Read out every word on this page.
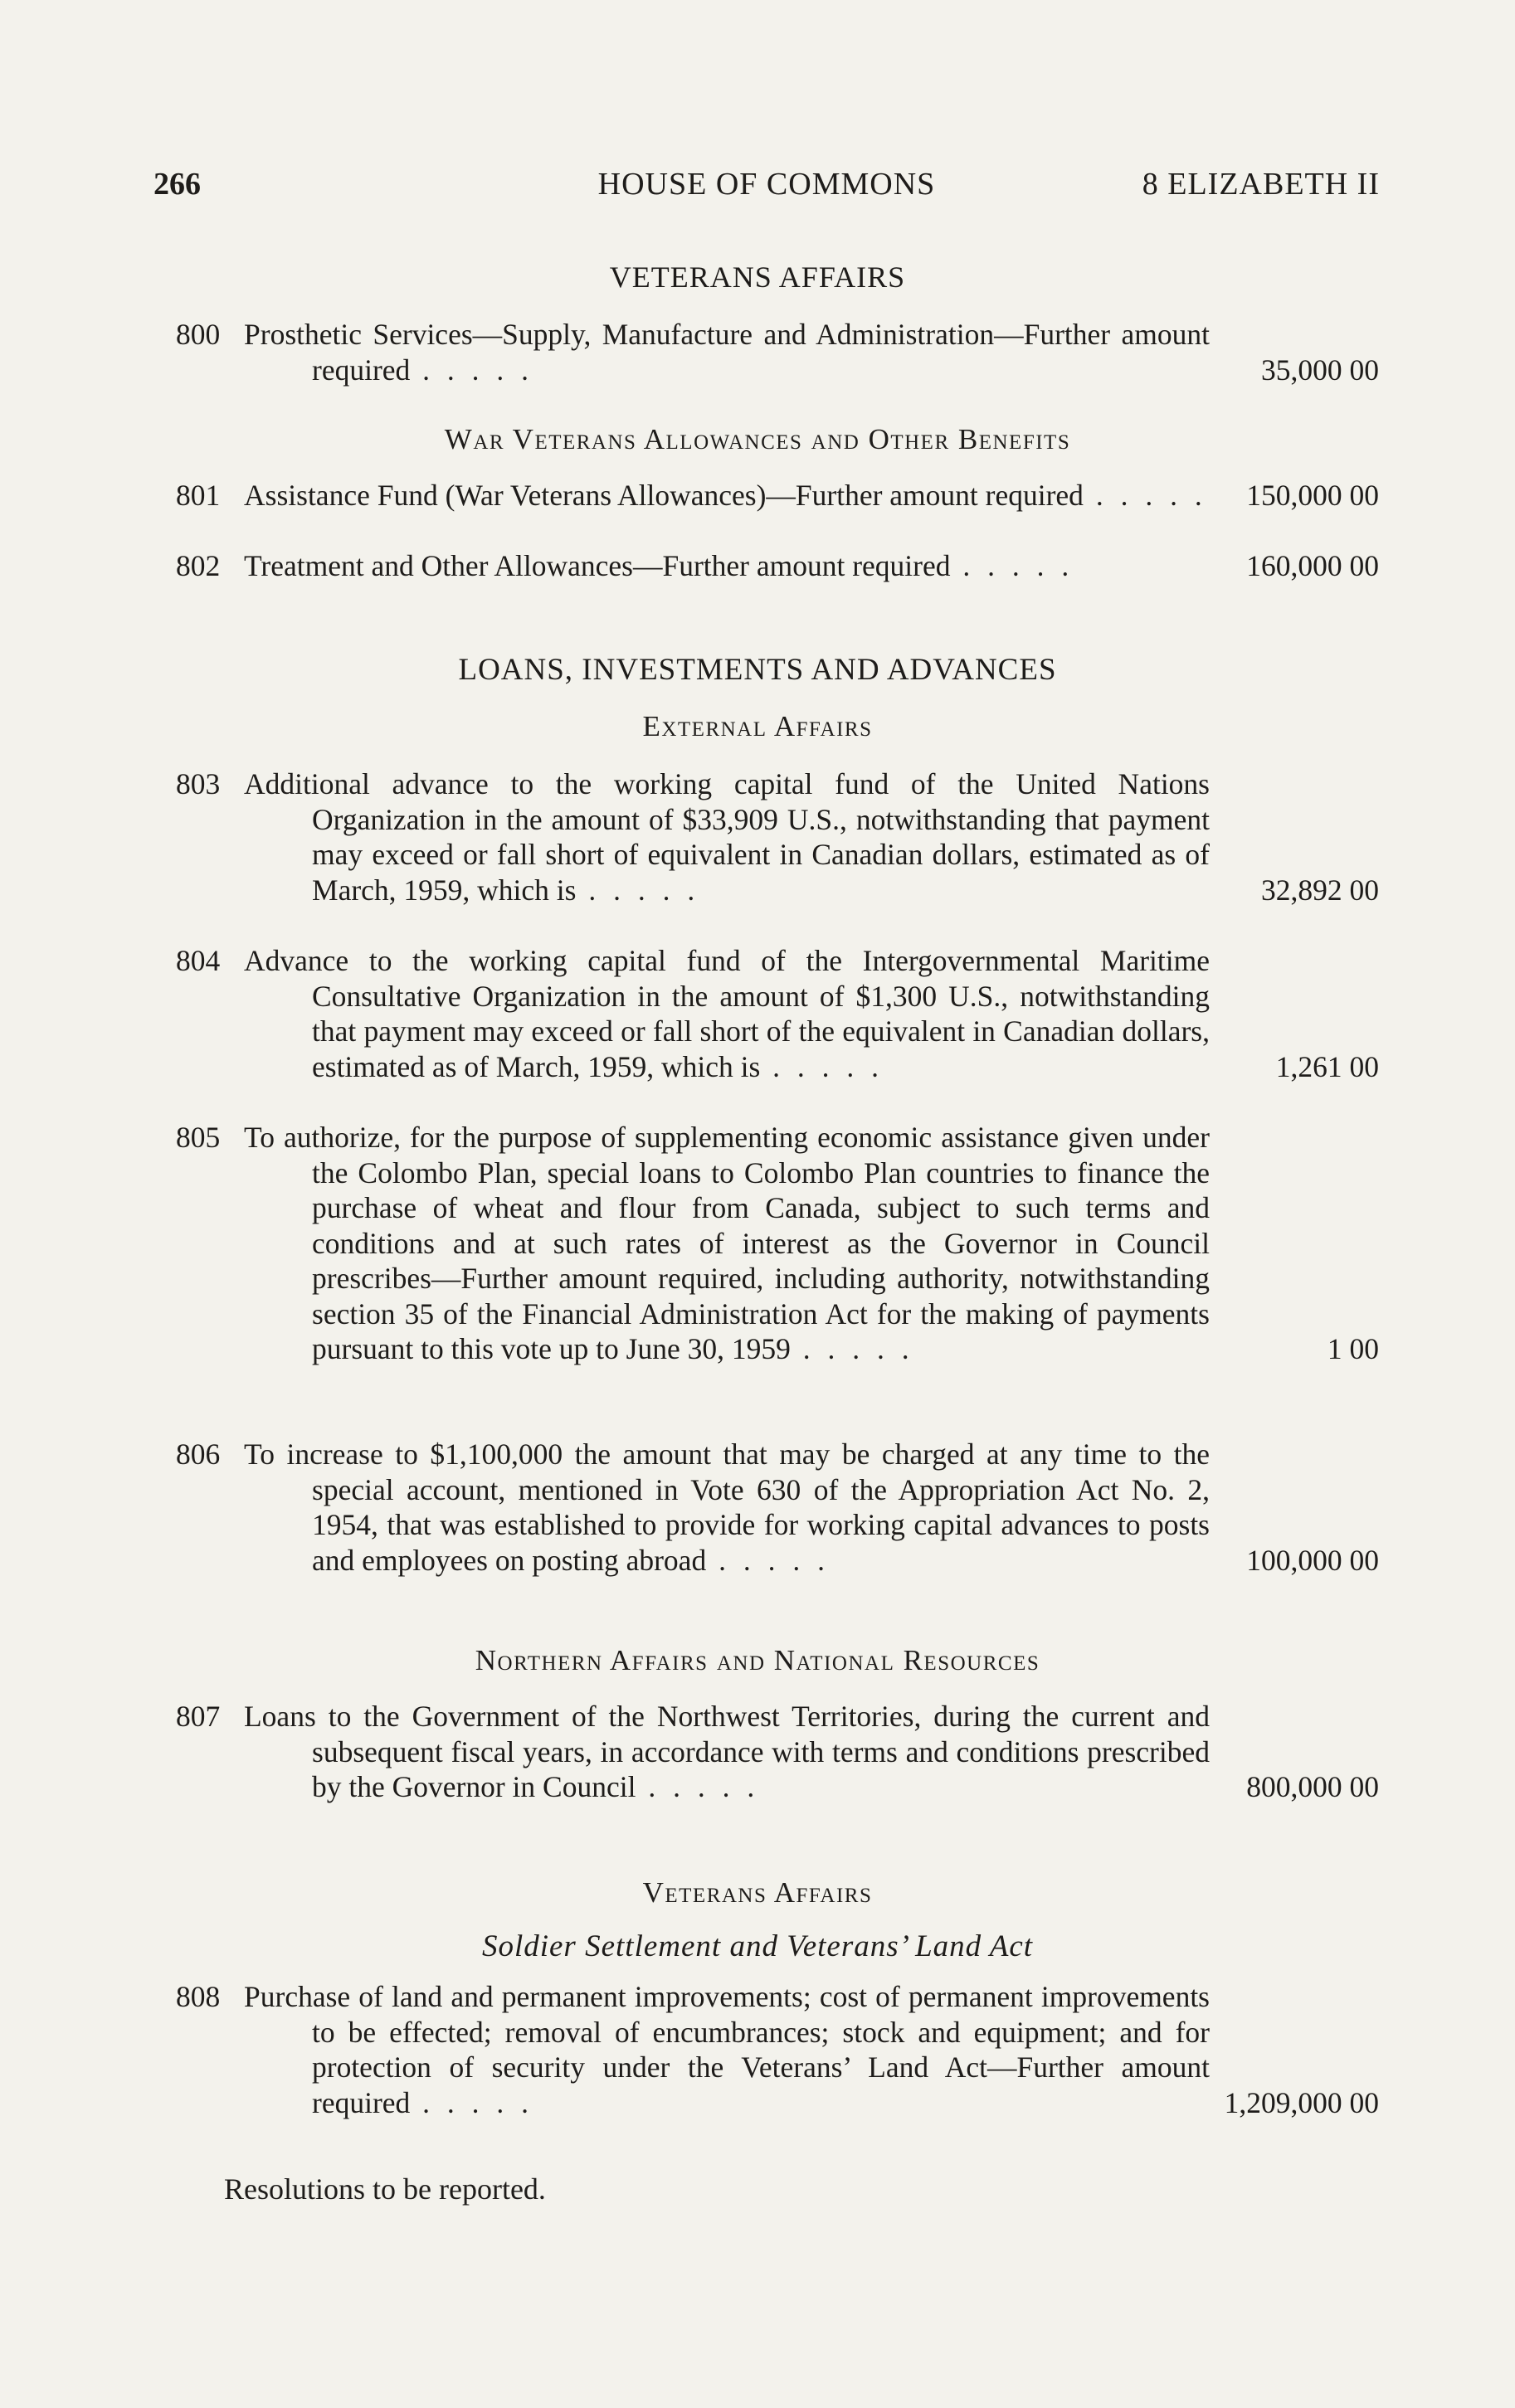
266	HOUSE OF COMMONS	8 ELIZABETH II
VETERANS AFFAIRS
800 Prosthetic Services—Supply, Manufacture and Administration—Further amount required . . . . .	35,000 00
War Veterans Allowances and Other Benefits
801 Assistance Fund (War Veterans Allowances)—Further amount required . . . . . 150,000 00
802 Treatment and Other Allowances—Further amount required . . . . .	160,000 00
LOANS, INVESTMENTS AND ADVANCES
External Affairs
803 Additional advance to the working capital fund of the United Nations Organization in the amount of $33,909 U.S., notwithstanding that payment may exceed or fall short of equivalent in Canadian dollars, estimated as of March, 1959, which is . . . . .	32,892 00
804 Advance to the working capital fund of the Intergovernmental Maritime Consultative Organization in the amount of $1,300 U.S., notwithstanding that payment may exceed or fall short of the equivalent in Canadian dollars, estimated as of March, 1959, which is . . . . .	1,261 00
805 To authorize, for the purpose of supplementing economic assistance given under the Colombo Plan, special loans to Colombo Plan countries to finance the purchase of wheat and flour from Canada, subject to such terms and conditions and at such rates of interest as the Governor in Council prescribes—Further amount required, including authority, notwithstanding section 35 of the Financial Administration Act for the making of payments pursuant to this vote up to June 30, 1959 . . . . .	1 00
806 To increase to $1,100,000 the amount that may be charged at any time to the special account, mentioned in Vote 630 of the Appropriation Act No. 2, 1954, that was established to provide for working capital advances to posts and employees on posting abroad . . . . .	100,000 00
Northern Affairs and National Resources
807 Loans to the Government of the Northwest Territories, during the current and subsequent fiscal years, in accordance with terms and conditions prescribed by the Governor in Council . . . . .	800,000 00
Veterans Affairs
Soldier Settlement and Veterans’ Land Act
808 Purchase of land and permanent improvements; cost of permanent improvements to be effected; removal of encumbrances; stock and equipment; and for protection of security under the Veterans’ Land Act—Further amount required . . . . .	1,209,000 00
Resolutions to be reported.
